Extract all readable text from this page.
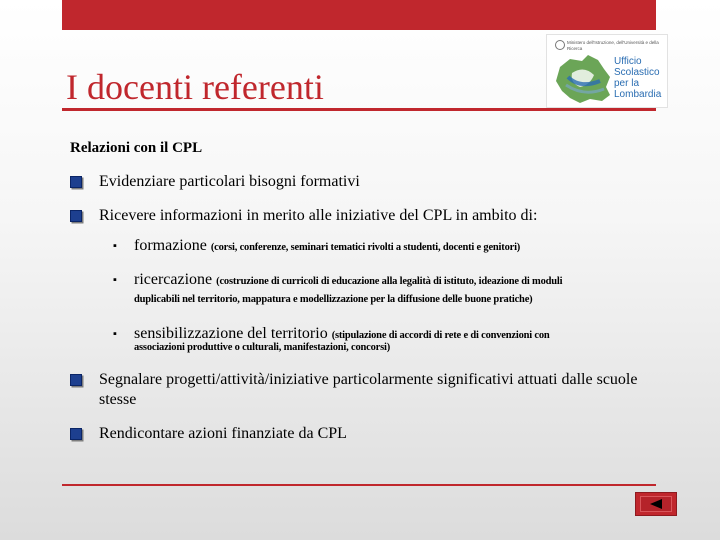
I docenti referenti
Ministero dell'Istruzione, dell'Università e della Ricerca
Ufficio Scolastico per la Lombardia
Relazioni con il CPL
Evidenziare particolari bisogni formativi
Ricevere informazioni in merito alle iniziative del CPL in ambito di:
▪ formazione (corsi, conferenze, seminari tematici rivolti a studenti, docenti e genitori)
▪ ricercazione (costruzione di curricoli di educazione alla legalità di istituto, ideazione di moduli
duplicabili nel territorio, mappatura e modellizzazione per la diffusione delle buone pratiche)
▪ sensibilizzazione del territorio (stipulazione di accordi di rete e di convenzioni con
associazioni produttive o culturali, manifestazioni, concorsi)
Segnalare progetti/attività/iniziative particolarmente significativi attuati dalle scuole stesse
Rendicontare azioni finanziate da CPL
